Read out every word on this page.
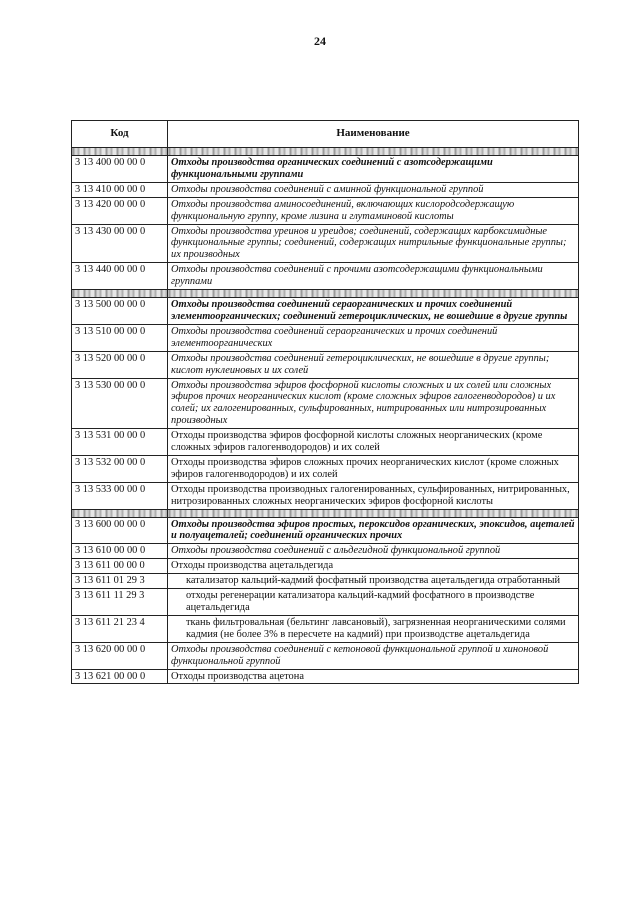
24
Код	Наименование

3 13 400 00 00 0	Отходы производства органических соединений с азотсодержащими функциональными группами
3 13 410 00 00 0	Отходы производства соединений с аминной функциональной группой
3 13 420 00 00 0	Отходы производства аминосоединений, включающих кислородсодержащую функциональную группу, кроме лизина и глутаминовой кислоты
3 13 430 00 00 0	Отходы производства уреинов и уреидов; соединений, содержащих карбоксимидные функциональные группы; соединений, содержащих нитрильные функциональные группы; их производных
3 13 440 00 00 0	Отходы производства соединений с прочими азотсодержащими функциональными группами

3 13 500 00 00 0	Отходы производства соединений сераорганических и прочих соединений элементоорганических; соединений гетероциклических, не вошедшие в другие группы
3 13 510 00 00 0	Отходы производства соединений сераорганических и прочих соединений элементоорганических
3 13 520 00 00 0	Отходы производства соединений гетероциклических, не вошедшие в другие группы; кислот нуклеиновых и их солей
3 13 530 00 00 0	Отходы производства эфиров фосфорной кислоты сложных и их солей или сложных эфиров прочих неорганических кислот (кроме сложных эфиров галогенводородов) и их солей; их галогенированных, сульфированных, нитрированных или нитрозированных производных
3 13 531 00 00 0	Отходы производства эфиров фосфорной кислоты сложных неорганических (кроме сложных эфиров галогенводородов) и их солей
3 13 532 00 00 0	Отходы производства эфиров сложных прочих неорганических кислот (кроме сложных эфиров галогенводородов) и их солей
3 13 533 00 00 0	Отходы производства производных галогенированных, сульфированных, нитрированных, нитрозированных сложных неорганических эфиров фосфорной кислоты

3 13 600 00 00 0	Отходы производства эфиров простых, пероксидов органических, эпоксидов, ацеталей и полуацеталей; соединений органических прочих
3 13 610 00 00 0	Отходы производства соединений с альдегидной функциональной группой
3 13 611 00 00 0	Отходы производства ацетальдегида
3 13 611 01 29 3	катализатор кальций-кадмий фосфатный производства ацетальдегида отработанный
3 13 611 11 29 3	отходы регенерации катализатора кальций-кадмий фосфатного в производстве ацетальдегида
3 13 611 21 23 4	ткань фильтровальная (бельтинг лавсановый), загрязненная неорганическими солями кадмия (не более 3% в пересчете на кадмий) при производстве ацетальдегида
3 13 620 00 00 0	Отходы производства соединений с кетоновой функциональной группой и хиноновой функциональной группой
3 13 621 00 00 0	Отходы производства ацетона
